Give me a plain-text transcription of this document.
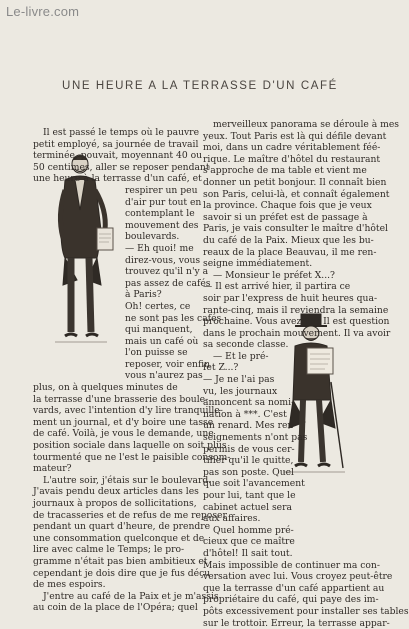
Le-livre.com
UNE HEURE A LA TERRASSE D'UN CAFÉ
Il est passé le temps où le pauvre
petit employé, sa journée de travail
terminée, pouvait, moyennant 40 ou
50 centimes, aller se reposer pendant
une heure à la terrasse d'un café, et
respirer un peu
d'air pur tout en
contemplant le
mouvement des
boulevards.
— Eh quoi! me
direz-vous, vous
trouvez qu'il n'y a
pas assez de cafés
à Paris?
Oh! certes, ce
ne sont pas les cafés
qui manquent,
mais un café où
l'on puisse se
reposer, voir enfin
vous n'aurez pas
plus, on à quelques minutes de
la terrasse d'une brasserie des boule-
vards, avec l'intention d'y lire tranquille-
ment un journal, et d'y boire une tasse
de café. Voilà, je vous le demande, une
position sociale dans laquelle on soit plus
tourmenté que ne l'est le paisible consom-
mateur?
L'autre soir, j'étais sur le boulevard.
J'avais pendu deux articles dans les
journaux à propos de sollicitations,
de tracasseries et de refus de me reposer
pendant un quart d'heure, de prendre
une consommation quelconque et de
lire avec calme le Temps; le pro-
gramme n'était pas bien ambitieux et
cependant je dois dire que je fus déçu
de mes espoirs.
J'entre au café de la Paix et je m'assis
au coin de la place de l'Opéra; quel
merveilleux panorama se déroule à mes
yeux. Tout Paris est là qui défile devant
moi, dans un cadre véritablement féé-
rique. Le maître d'hôtel du restaurant
s'approche de ma table et vient me
donner un petit bonjour. Il connaît bien
son Paris, celui-là, et connaît également
la province. Chaque fois que je veux
savoir si un préfet est de passage à
Paris, je vais consulter le maître d'hôtel
du café de la Paix. Mieux que les bu-
reaux de la place Beauvau, il me ren-
seigne immédiatement.
— Monsieur le préfet X...?
— Il est arrivé hier, il partira ce
soir par l'express de huit heures qua-
rante-cinq, mais il reviendra la semaine
prochaine. Vous avez vu? Il est question
dans le prochain mouvement. Il va avoir
sa seconde classe.
— Et le pré-
fet Z...?
— Je ne l'ai pas
vu, les journaux
annoncent sa nomi-
nation à ***. C'est
un renard. Mes ren-
seignements n'ont pas
permis de vous cer-
tifier qu'il le quitte,
pas son poste. Quel
que soit l'avancement
pour lui, tant que le
cabinet actuel sera
aux affaires.
Quel homme pré-
cieux que ce maître
d'hôtel! Il sait tout.
Mais impossible de continuer ma con-
versation avec lui. Vous croyez peut-être
que la terrasse d'un café appartient au
propriétaire du café, qui paye des im-
pôts excessivement pour installer ses tables
sur le trottoir. Erreur, la terrasse appar-
